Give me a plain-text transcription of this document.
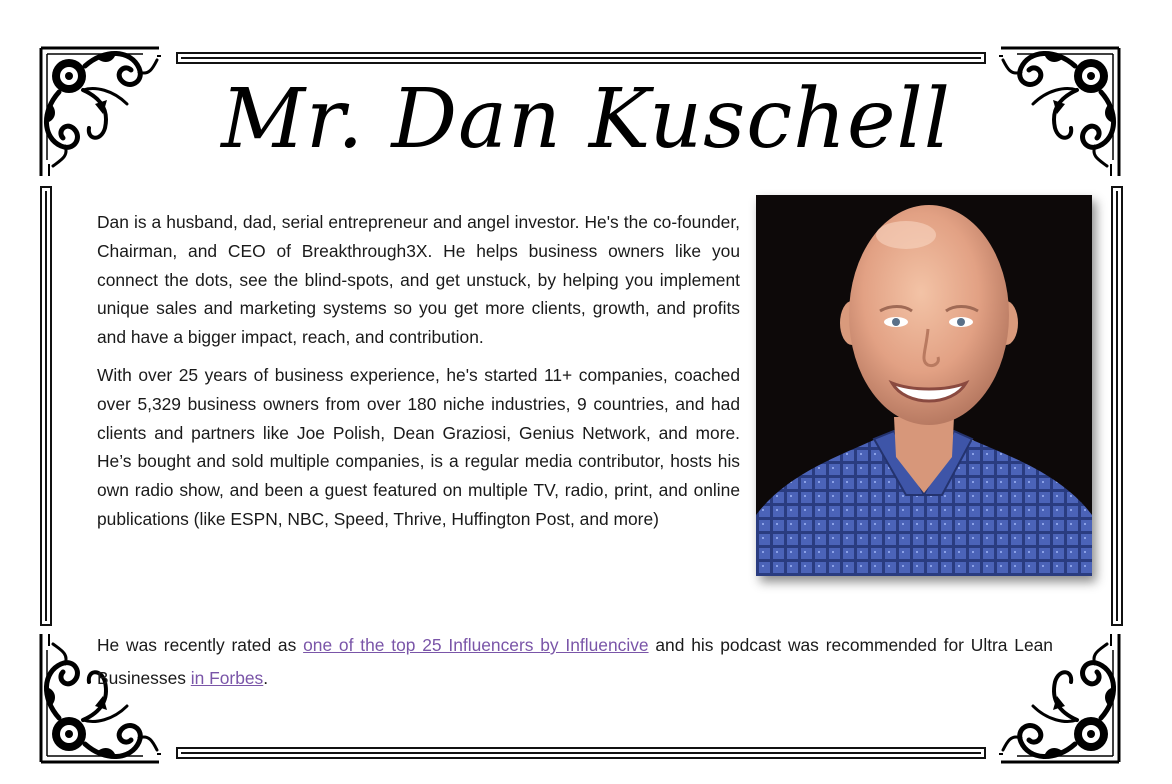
Mr. Dan Kuschell

Dan is a husband, dad, serial entrepreneur and angel investor. He's the co-founder, Chairman, and CEO of Breakthrough3X. He helps business owners like you connect the dots, see the blind-spots, and get unstuck, by helping you implement unique sales and marketing systems so you get more clients, growth, and profits and have a bigger impact, reach, and contribution.

With over 25 years of business experience, he's started 11+ companies, coached over 5,329 business owners from over 180 niche industries, 9 countries, and had clients and partners like Joe Polish, Dean Graziosi, Genius Network, and more. He’s bought and sold multiple companies, is a regular media contributor, hosts his own radio show, and been a guest featured on multiple TV, radio, print, and online publications (like ESPN, NBC, Speed, Thrive, Huffington Post, and more)

He was recently rated as one of the top 25 Influencers by Influencive and his podcast was recommended for Ultra Lean Businesses in Forbes.
